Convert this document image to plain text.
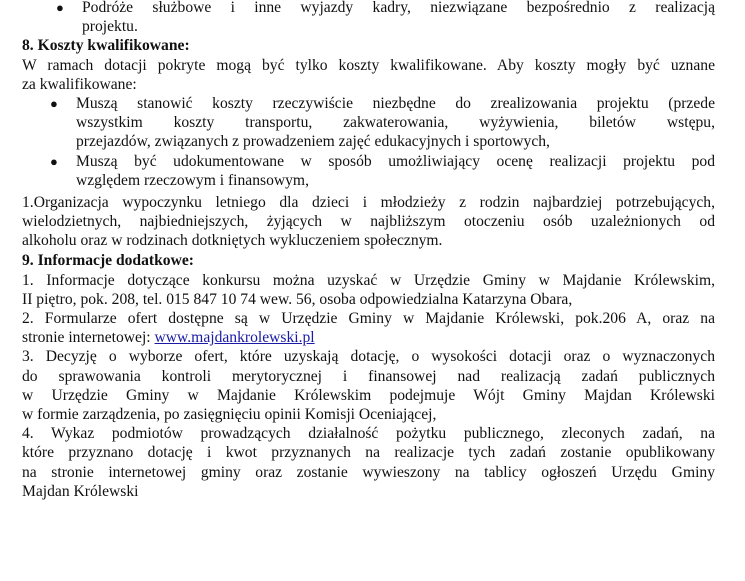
● Podróże służbowe i inne wyjazdy kadry, niezwiązane bezpośrednio z realizacją
projektu.
8. Koszty kwalifikowane:
W ramach dotacji pokryte mogą być tylko koszty kwalifikowane. Aby koszty mogły być uznane
za kwalifikowane:
● Muszą stanowić koszty rzeczywiście niezbędne do zrealizowania projektu (przede
wszystkim koszty transportu, zakwaterowania, wyżywienia, biletów wstępu,
przejazdów, związanych z prowadzeniem zajęć edukacyjnych i sportowych,
● Muszą być udokumentowane w sposób umożliwiający ocenę realizacji projektu pod
względem rzeczowym i finansowym,
1.Organizacja wypoczynku letniego dla dzieci i młodzieży z rodzin najbardziej potrzebujących,
wielodzietnych, najbiedniejszych, żyjących w najbliższym otoczeniu osób uzależnionych od
alkoholu oraz w rodzinach dotkniętych wykluczeniem społecznym.
9. Informacje dodatkowe:
1. Informacje dotyczące konkursu można uzyskać w Urzędzie Gminy w Majdanie Królewskim,
II piętro, pok. 208, tel. 015 847 10 74 wew. 56, osoba odpowiedzialna Katarzyna Obara,
2. Formularze ofert dostępne są w Urzędzie Gminy w Majdanie Królewski, pok.206 A, oraz na
stronie internetowej: www.majdankrolewski.pl
3. Decyzję o wyborze ofert, które uzyskają dotację, o wysokości dotacji oraz o wyznaczonych
do sprawowania kontroli merytorycznej i finansowej nad realizacją zadań publicznych
w Urzędzie Gminy w Majdanie Królewskim podejmuje Wójt Gminy Majdan Królewski
w formie zarządzenia, po zasięgnięciu opinii Komisji Oceniającej,
4. Wykaz podmiotów prowadzących działalność pożytku publicznego, zleconych zadań, na
które przyznano dotację i kwot przyznanych na realizacje tych zadań zostanie opublikowany
na stronie internetowej gminy oraz zostanie wywieszony na tablicy ogłoszeń Urzędu Gminy
Majdan Królewski
